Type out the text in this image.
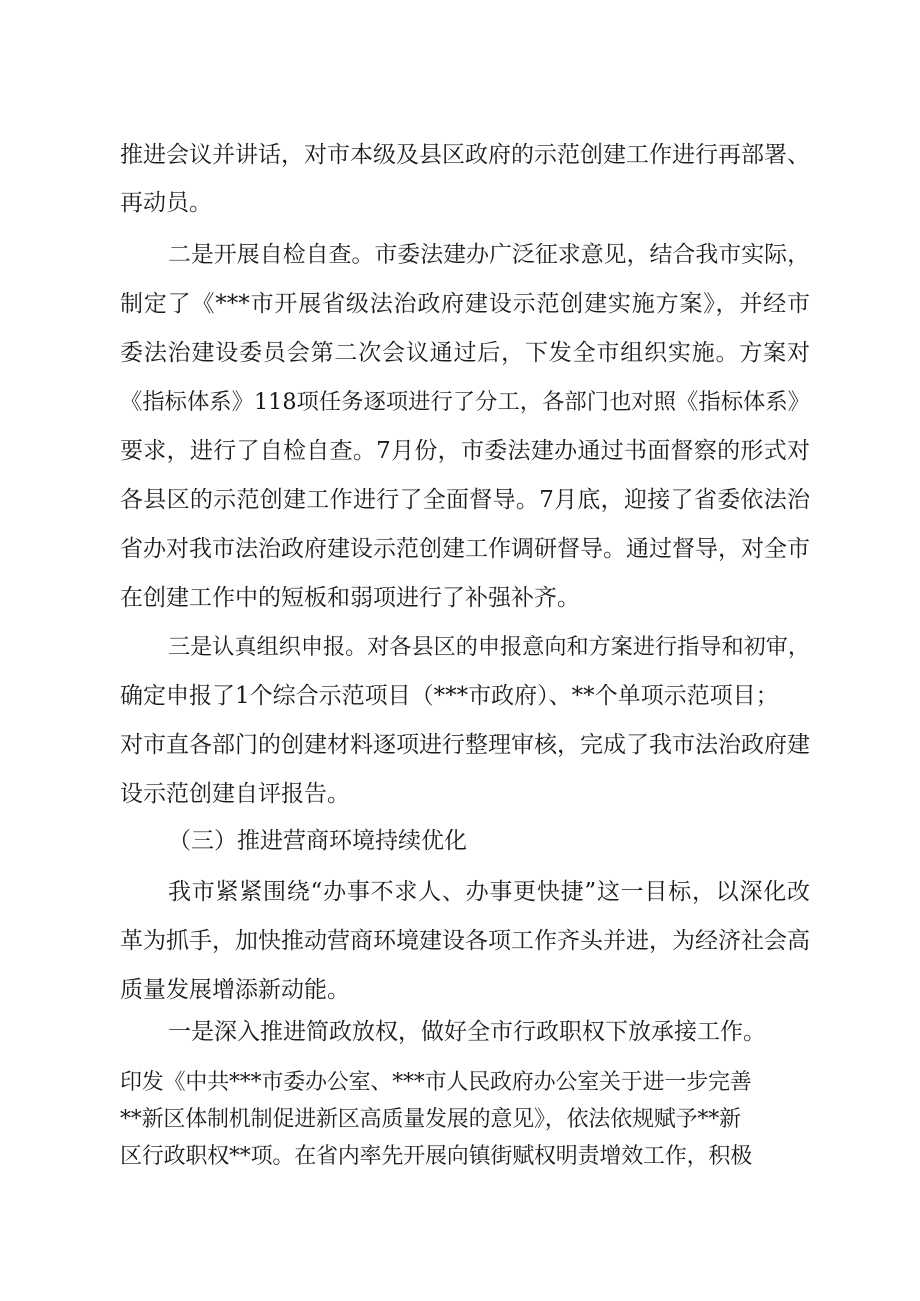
推进会议并讲话，对市本级及县区政府的示范创建工作进行再部署、
再动员。
二是开展自检自查。市委法建办广泛征求意见，结合我市实际，
制定了《***市开展省级法治政府建设示范创建实施方案》，并经市
委法治建设委员会第二次会议通过后，下发全市组织实施。方案对
《指标体系》118项任务逐项进行了分工，各部门也对照《指标体系》
要求，进行了自检自查。7月份，市委法建办通过书面督察的形式对
各县区的示范创建工作进行了全面督导。7月底，迎接了省委依法治
省办对我市法治政府建设示范创建工作调研督导。通过督导，对全市
在创建工作中的短板和弱项进行了补强补齐。
三是认真组织申报。对各县区的申报意向和方案进行指导和初审，
确定申报了1个综合示范项目（***市政府）、**个单项示范项目；
对市直各部门的创建材料逐项进行整理审核，完成了我市法治政府建
设示范创建自评报告。
（三）推进营商环境持续优化
我市紧紧围绕“办事不求人、办事更快捷”这一目标，以深化改
革为抓手，加快推动营商环境建设各项工作齐头并进，为经济社会高
质量发展增添新动能。
一是深入推进简政放权，做好全市行政职权下放承接工作。
印发《中共***市委办公室、***市人民政府办公室关于进一步完善
**新区体制机制促进新区高质量发展的意见》，依法依规赋予**新
区行政职权**项。在省内率先开展向镇街赋权明责增效工作，积极
